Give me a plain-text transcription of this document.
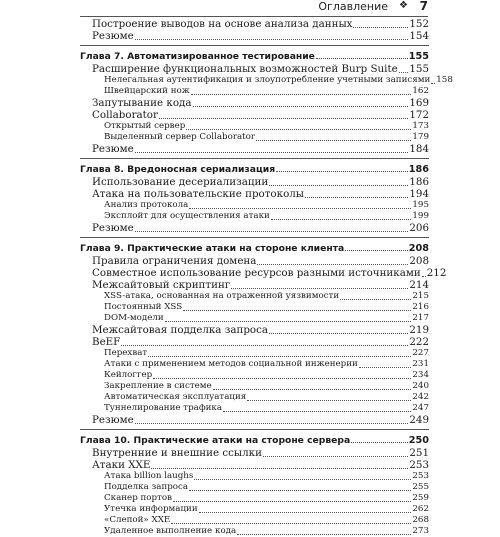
Оглавление ❖ 7
Построение выводов на основе анализа данных	152
Резюме	154
Глава 7. Автоматизированное тестирование	155
Расширение функциональных возможностей Burp Suite 155
Нелегальная аутентификация и злоупотребление учетными записями 158
Швейцарский нож	162
Запутывание кода	169
Collaborator	172
Открытый сервер	173
Выделенный сервер Collaborator	179
Резюме	184
Глава 8. Вредоносная сериализация	186
Использование десериализации	186
Атака на пользовательские протоколы	194
Анализ протокола	195
Эксплойт для осуществления атаки	199
Резюме	206
Глава 9. Практические атаки на стороне клиента	208
Правила ограничения домена	208
Совместное использование ресурсов разными источниками 212
Межсайтовый скриптинг	214
XSS-атака, основанная на отраженной уязвимости	215
Постоянный XSS	216
DOM-модели	217
Межсайтовая подделка запроса	219
BeEF	222
Перехват	227
Атаки с применением методов социальной инженерии	231
Кейлоггер	234
Закрепление в системе	240
Автоматическая эксплуатация	242
Туннелирование трафика	247
Резюме	249
Глава 10. Практические атаки на стороне сервера	250
Внутренние и внешние ссылки	251
Атаки XXE	253
Атака billion laughs	253
Подделка запроса	255
Сканер портов	259
Утечка информации	262
«Слепой» XXE	268
Удаленное выполнение кода	273
